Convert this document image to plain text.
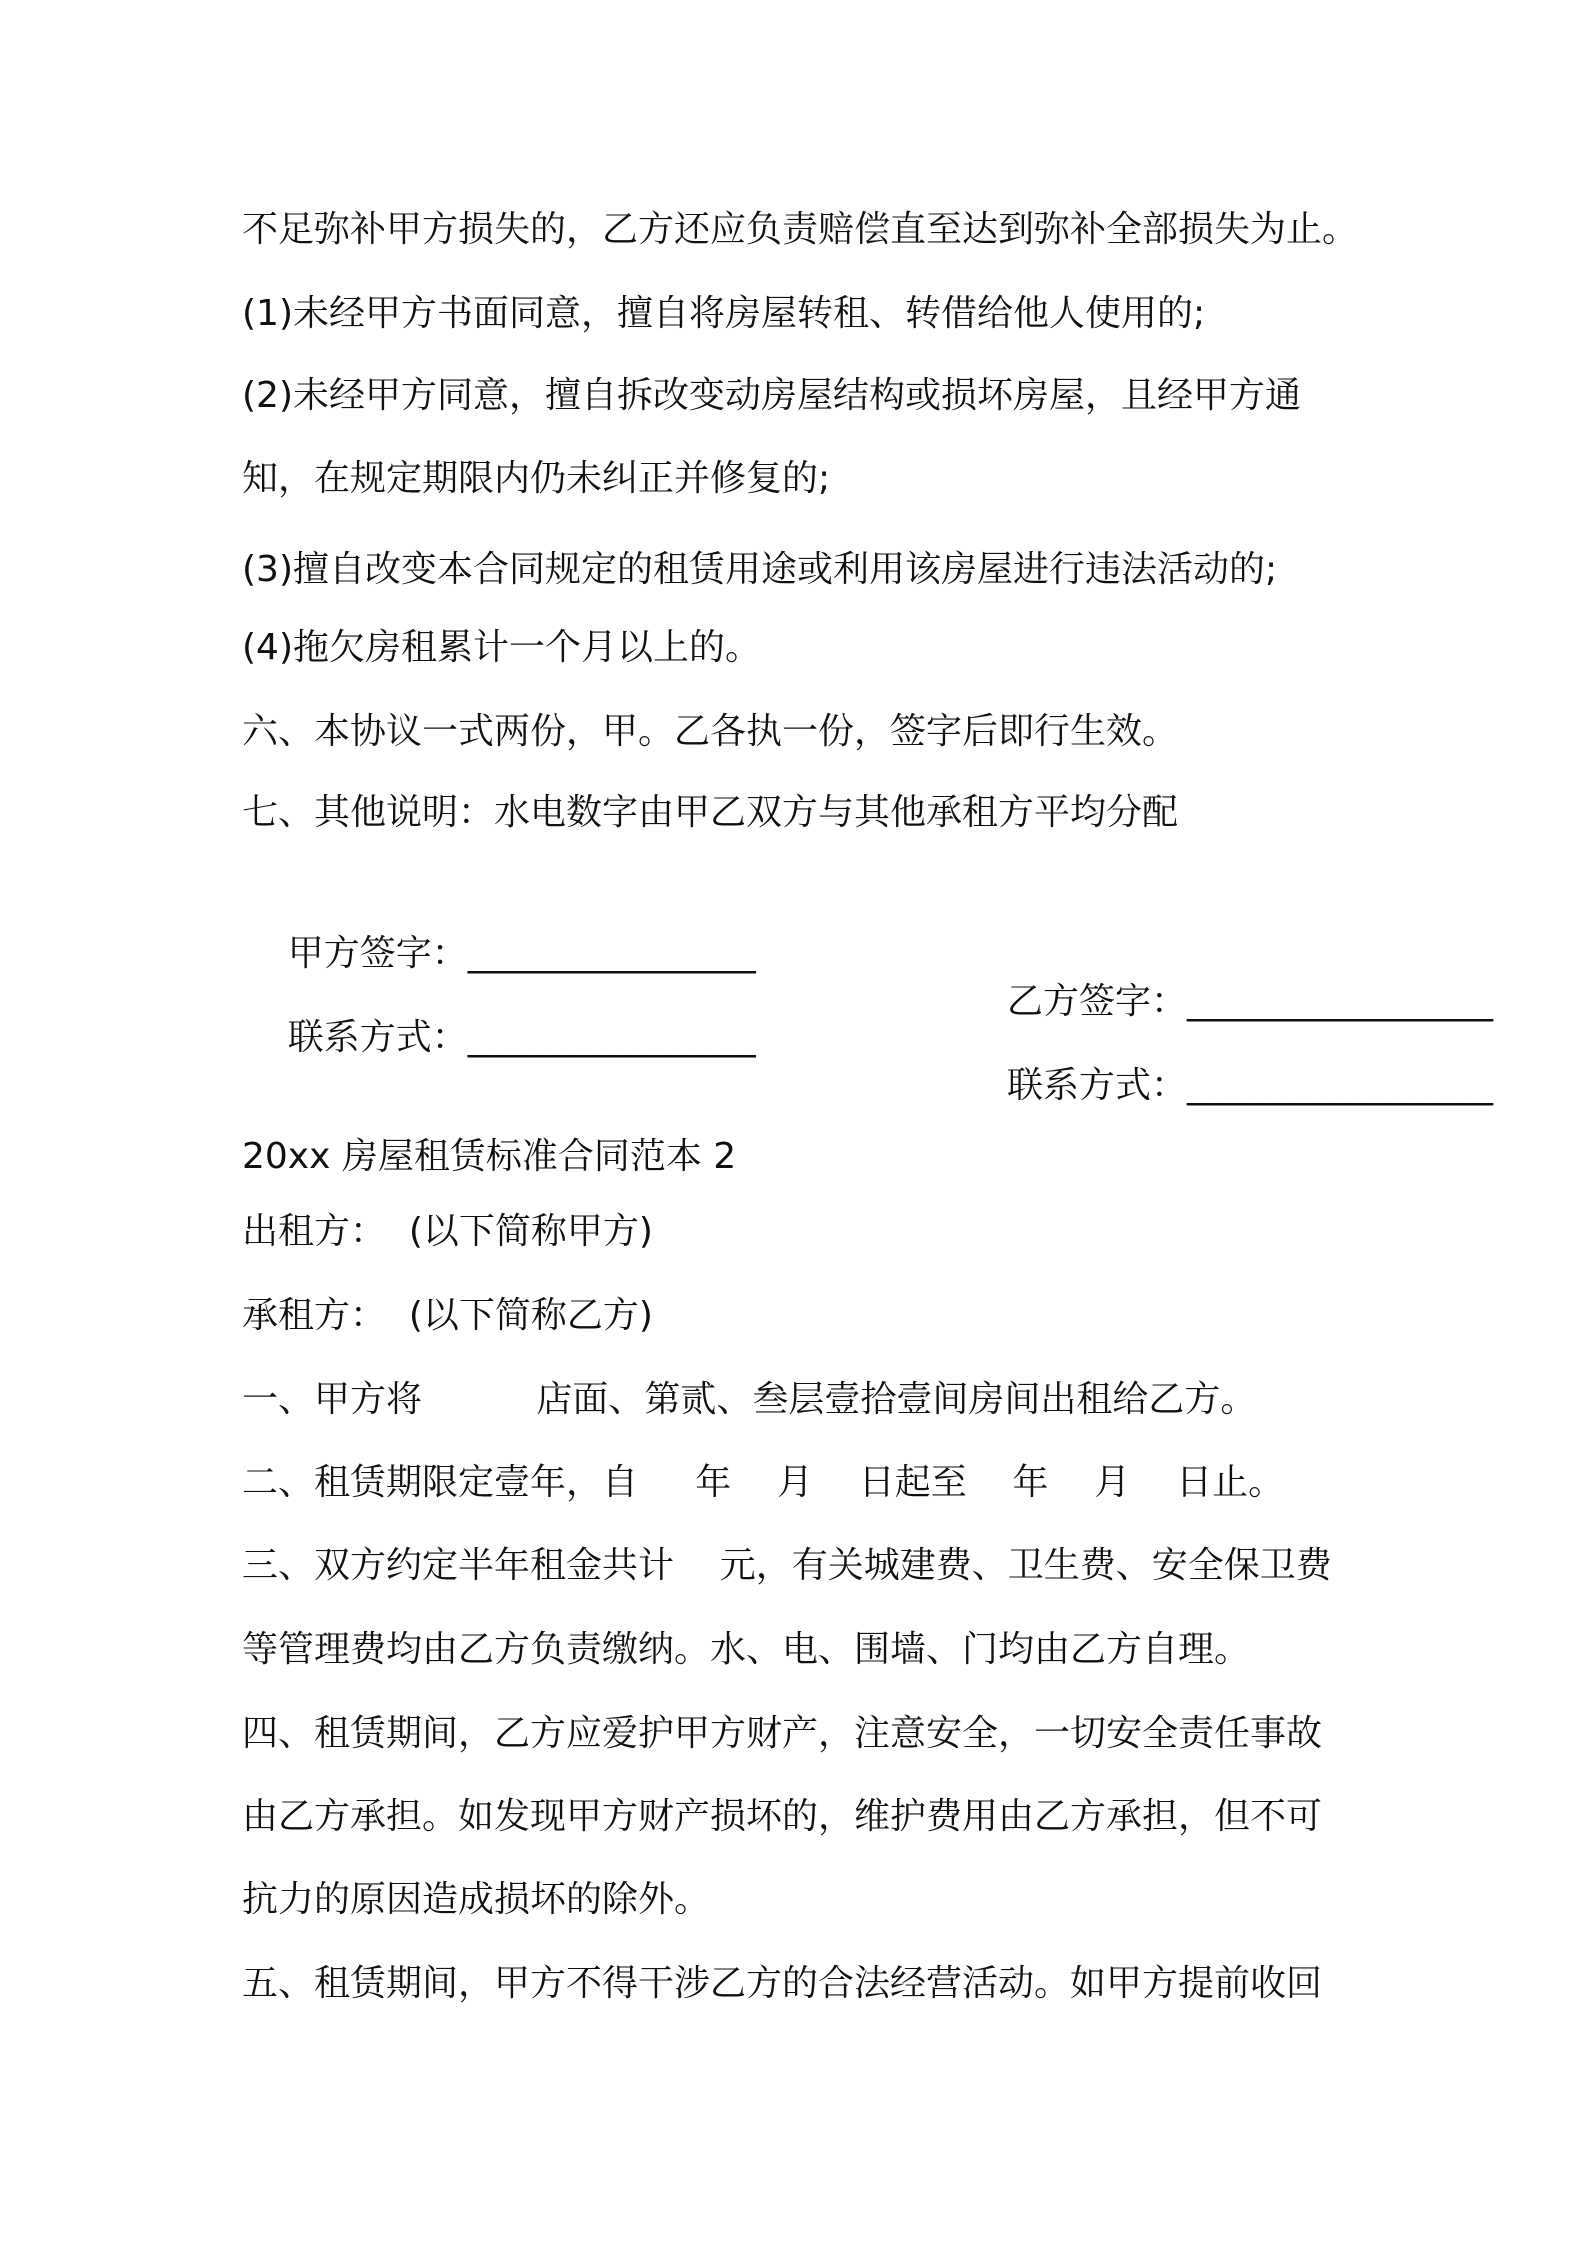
不足弥补甲方损失的，乙方还应负责赔偿直至达到弥补全部损失为止。
(1)未经甲方书面同意，擅自将房屋转租、转借给他人使用的;
(2)未经甲方同意，擅自拆改变动房屋结构或损坏房屋，且经甲方通
知，在规定期限内仍未纠正并修复的;
(3)擅自改变本合同规定的租赁用途或利用该房屋进行违法活动的;
(4)拖欠房租累计一个月以上的。
六、本协议一式两份，甲。乙各执一份，签字后即行生效。
七、其他说明：水电数字由甲乙双方与其他承租方平均分配

甲方签字：________________

乙方签字：_________________

联系方式：________________

联系方式：_________________

20xx 房屋租赁标准合同范本 2
出租方：  (以下简称甲方)
承租方：  (以下简称乙方)
一、甲方将          店面、第贰、叁层壹拾壹间房间出租给乙方。
二、租赁期限定壹年，自     年    月    日起至    年    月    日止。
三、双方约定半年租金共计    元，有关城建费、卫生费、安全保卫费
等管理费均由乙方负责缴纳。水、电、围墙、门均由乙方自理。
四、租赁期间，乙方应爱护甲方财产，注意安全，一切安全责任事故
由乙方承担。如发现甲方财产损坏的，维护费用由乙方承担，但不可
抗力的原因造成损坏的除外。
五、租赁期间，甲方不得干涉乙方的合法经营活动。如甲方提前收回
